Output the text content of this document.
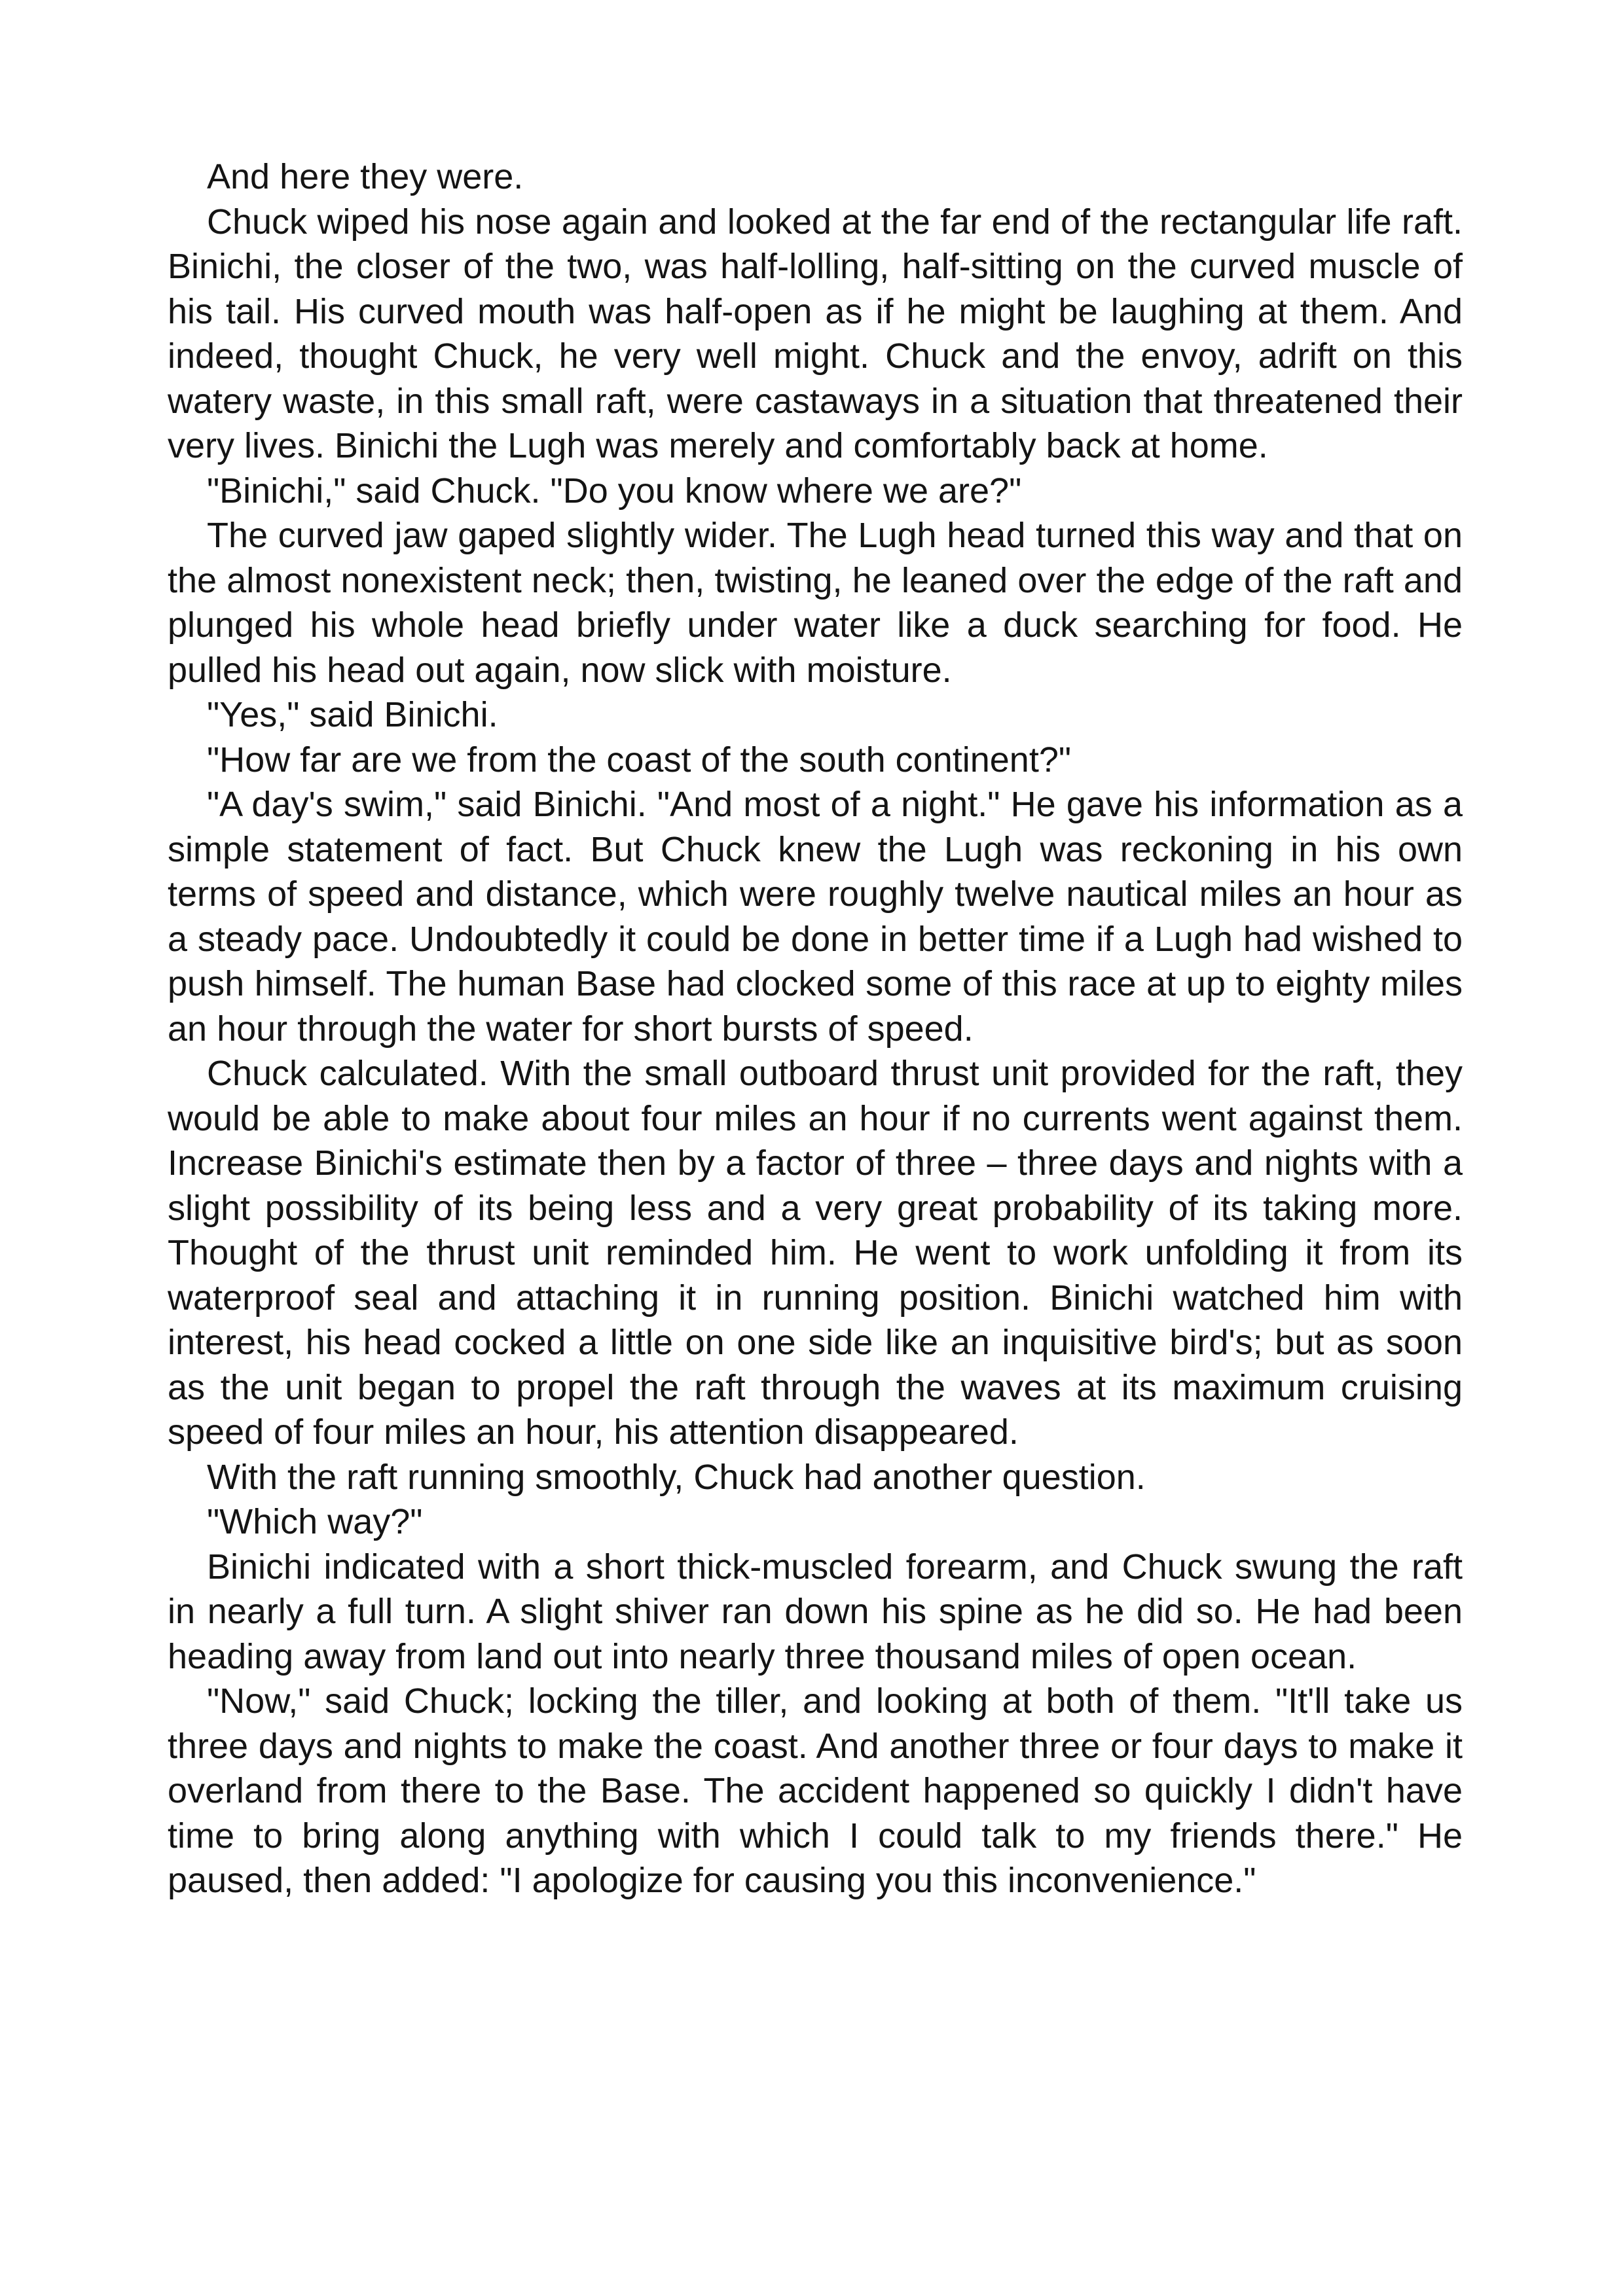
And here they were.

Chuck wiped his nose again and looked at the far end of the rectangular life raft. Binichi, the closer of the two, was half-lolling, half-sitting on the curved muscle of his tail. His curved mouth was half-open as if he might be laughing at them. And indeed, thought Chuck, he very well might. Chuck and the envoy, adrift on this watery waste, in this small raft, were castaways in a situation that threatened their very lives. Binichi the Lugh was merely and comfortably back at home.

"Binichi," said Chuck. "Do you know where we are?"

The curved jaw gaped slightly wider. The Lugh head turned this way and that on the almost nonexistent neck; then, twisting, he leaned over the edge of the raft and plunged his whole head briefly under water like a duck searching for food. He pulled his head out again, now slick with moisture.

"Yes," said Binichi.

"How far are we from the coast of the south continent?"

"A day's swim," said Binichi. "And most of a night." He gave his information as a simple statement of fact. But Chuck knew the Lugh was reckoning in his own terms of speed and distance, which were roughly twelve nautical miles an hour as a steady pace. Undoubtedly it could be done in better time if a Lugh had wished to push himself. The human Base had clocked some of this race at up to eighty miles an hour through the water for short bursts of speed.

Chuck calculated. With the small outboard thrust unit provided for the raft, they would be able to make about four miles an hour if no currents went against them. Increase Binichi's estimate then by a factor of three – three days and nights with a slight possibility of its being less and a very great probability of its taking more. Thought of the thrust unit reminded him. He went to work unfolding it from its waterproof seal and attaching it in running position. Binichi watched him with interest, his head cocked a little on one side like an inquisitive bird's; but as soon as the unit began to propel the raft through the waves at its maximum cruising speed of four miles an hour, his attention disappeared.

With the raft running smoothly, Chuck had another question.

"Which way?"

Binichi indicated with a short thick-muscled forearm, and Chuck swung the raft in nearly a full turn. A slight shiver ran down his spine as he did so. He had been heading away from land out into nearly three thousand miles of open ocean.

"Now," said Chuck; locking the tiller, and looking at both of them. "It'll take us three days and nights to make the coast. And another three or four days to make it overland from there to the Base. The accident happened so quickly I didn't have time to bring along anything with which I could talk to my friends there." He paused, then added: "I apologize for causing you this inconvenience."
